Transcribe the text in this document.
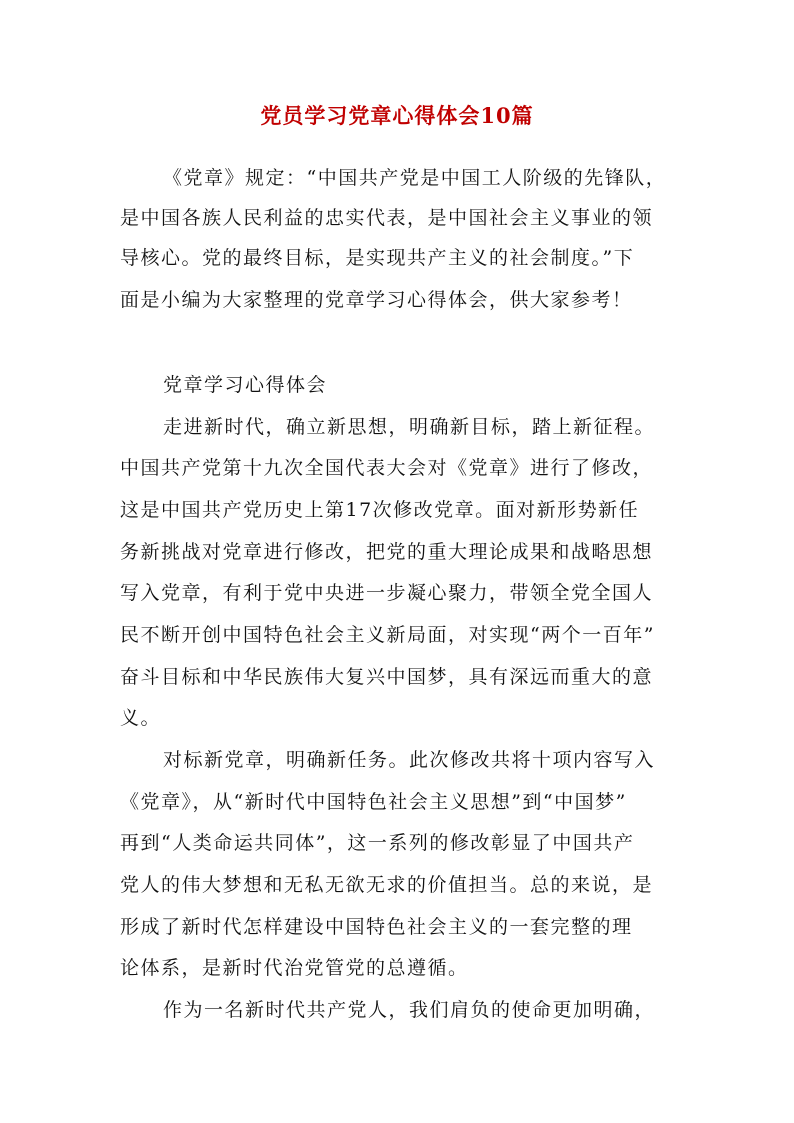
党员学习党章心得体会10篇
《党章》规定：“中国共产党是中国工人阶级的先锋队，
是中国各族人民利益的忠实代表，是中国社会主义事业的领
导核心。党的最终目标，是实现共产主义的社会制度。”下
面是小编为大家整理的党章学习心得体会，供大家参考！
党章学习心得体会
走进新时代，确立新思想，明确新目标，踏上新征程。
中国共产党第十九次全国代表大会对《党章》进行了修改，
这是中国共产党历史上第17次修改党章。面对新形势新任
务新挑战对党章进行修改，把党的重大理论成果和战略思想
写入党章，有利于党中央进一步凝心聚力，带领全党全国人
民不断开创中国特色社会主义新局面，对实现“两个一百年”
奋斗目标和中华民族伟大复兴中国梦，具有深远而重大的意
义。
对标新党章，明确新任务。此次修改共将十项内容写入
《党章》，从“新时代中国特色社会主义思想”到“中国梦”
再到“人类命运共同体”，这一系列的修改彰显了中国共产
党人的伟大梦想和无私无欲无求的价值担当。总的来说，是
形成了新时代怎样建设中国特色社会主义的一套完整的理
论体系，是新时代治党管党的总遵循。
作为一名新时代共产党人，我们肩负的使命更加明确，
